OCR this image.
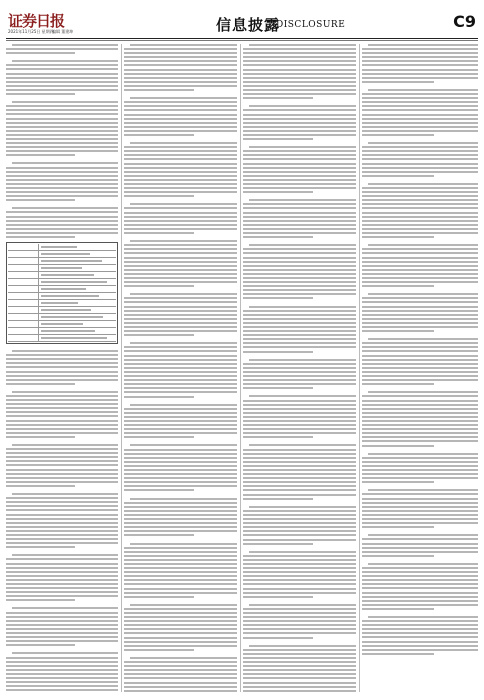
证券日报
2021年11月25日 星期四
编辑 董建坤	信息披露
DISCLOSURE	C9
